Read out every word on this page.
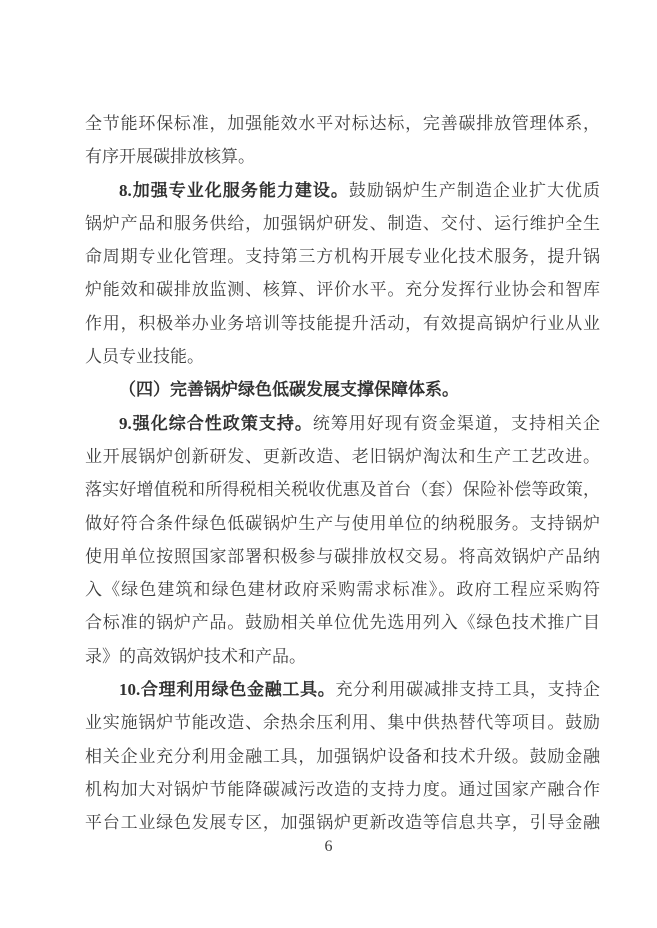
全节能环保标准，加强能效水平对标达标，完善碳排放管理体系，
有序开展碳排放核算。
8.加强专业化服务能力建设。鼓励锅炉生产制造企业扩大优质
锅炉产品和服务供给，加强锅炉研发、制造、交付、运行维护全生
命周期专业化管理。支持第三方机构开展专业化技术服务，提升锅
炉能效和碳排放监测、核算、评价水平。充分发挥行业协会和智库
作用，积极举办业务培训等技能提升活动，有效提高锅炉行业从业
人员专业技能。
（四）完善锅炉绿色低碳发展支撑保障体系。
9.强化综合性政策支持。统筹用好现有资金渠道，支持相关企
业开展锅炉创新研发、更新改造、老旧锅炉淘汰和生产工艺改进。
落实好增值税和所得税相关税收优惠及首台（套）保险补偿等政策，
做好符合条件绿色低碳锅炉生产与使用单位的纳税服务。支持锅炉
使用单位按照国家部署积极参与碳排放权交易。将高效锅炉产品纳
入《绿色建筑和绿色建材政府采购需求标准》。政府工程应采购符
合标准的锅炉产品。鼓励相关单位优先选用列入《绿色技术推广目
录》的高效锅炉技术和产品。
10.合理利用绿色金融工具。充分利用碳减排支持工具，支持企
业实施锅炉节能改造、余热余压利用、集中供热替代等项目。鼓励
相关企业充分利用金融工具，加强锅炉设备和技术升级。鼓励金融
机构加大对锅炉节能降碳减污改造的支持力度。通过国家产融合作
平台工业绿色发展专区，加强锅炉更新改造等信息共享，引导金融
6
